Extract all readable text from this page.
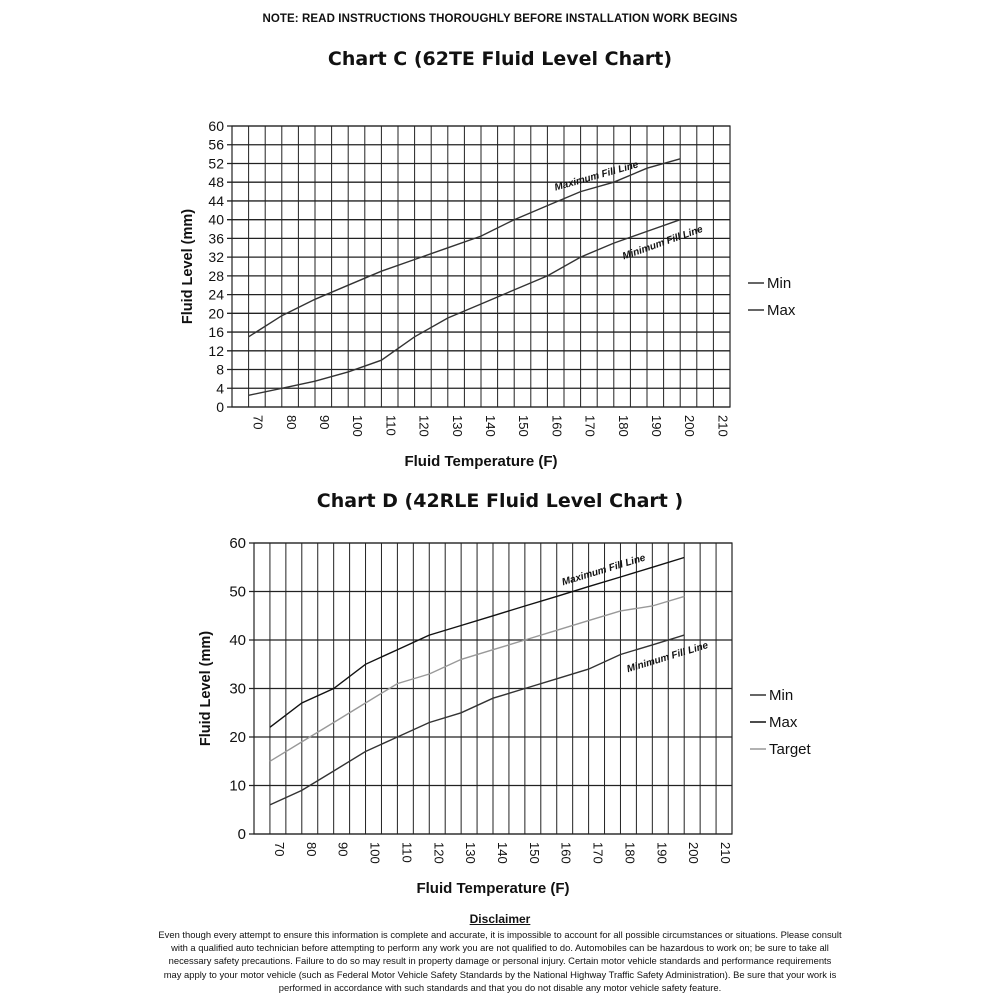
NOTE: READ INSTRUCTIONS THOROUGHLY BEFORE INSTALLATION WORK BEGINS
Chart C (62TE Fluid Level Chart)
0
4
8
12
16
20
24
28
32
36
40
44
48
52
56
60
70 80 90 100 110 120 130 140 150 160 170 180 190 200 210
Fluid Temperature (F)
Fluid Level (mm)
Maximum Fill Line
Minimum Fill Line
Min
Max
Chart D (42RLE Fluid Level Chart )
0
10
20
30
40
50
60
70 80 90 100 110 120 130 140 150 160 170 180 190 200 210
Fluid Temperature (F)
Fluid Level (mm)
Maximum Fill Line
Minimum Fill Line
Min
Max
Target
Disclaimer
Even though every attempt to ensure this information is complete and accurate, it is impossible to account for all possible circumstances or situations. Please consult
with a qualified auto technician before attempting to perform any work you are not qualified to do. Automobiles can be hazardous to work on; be sure to take all
necessary safety precautions. Failure to do so may result in property damage or personal injury. Certain motor vehicle standards and performance requirements
may apply to your motor vehicle (such as Federal Motor Vehicle Safety Standards by the National Highway Traffic Safety Administration). Be sure that your work is
performed in accordance with such standards and that you do not disable any motor vehicle safety feature.
